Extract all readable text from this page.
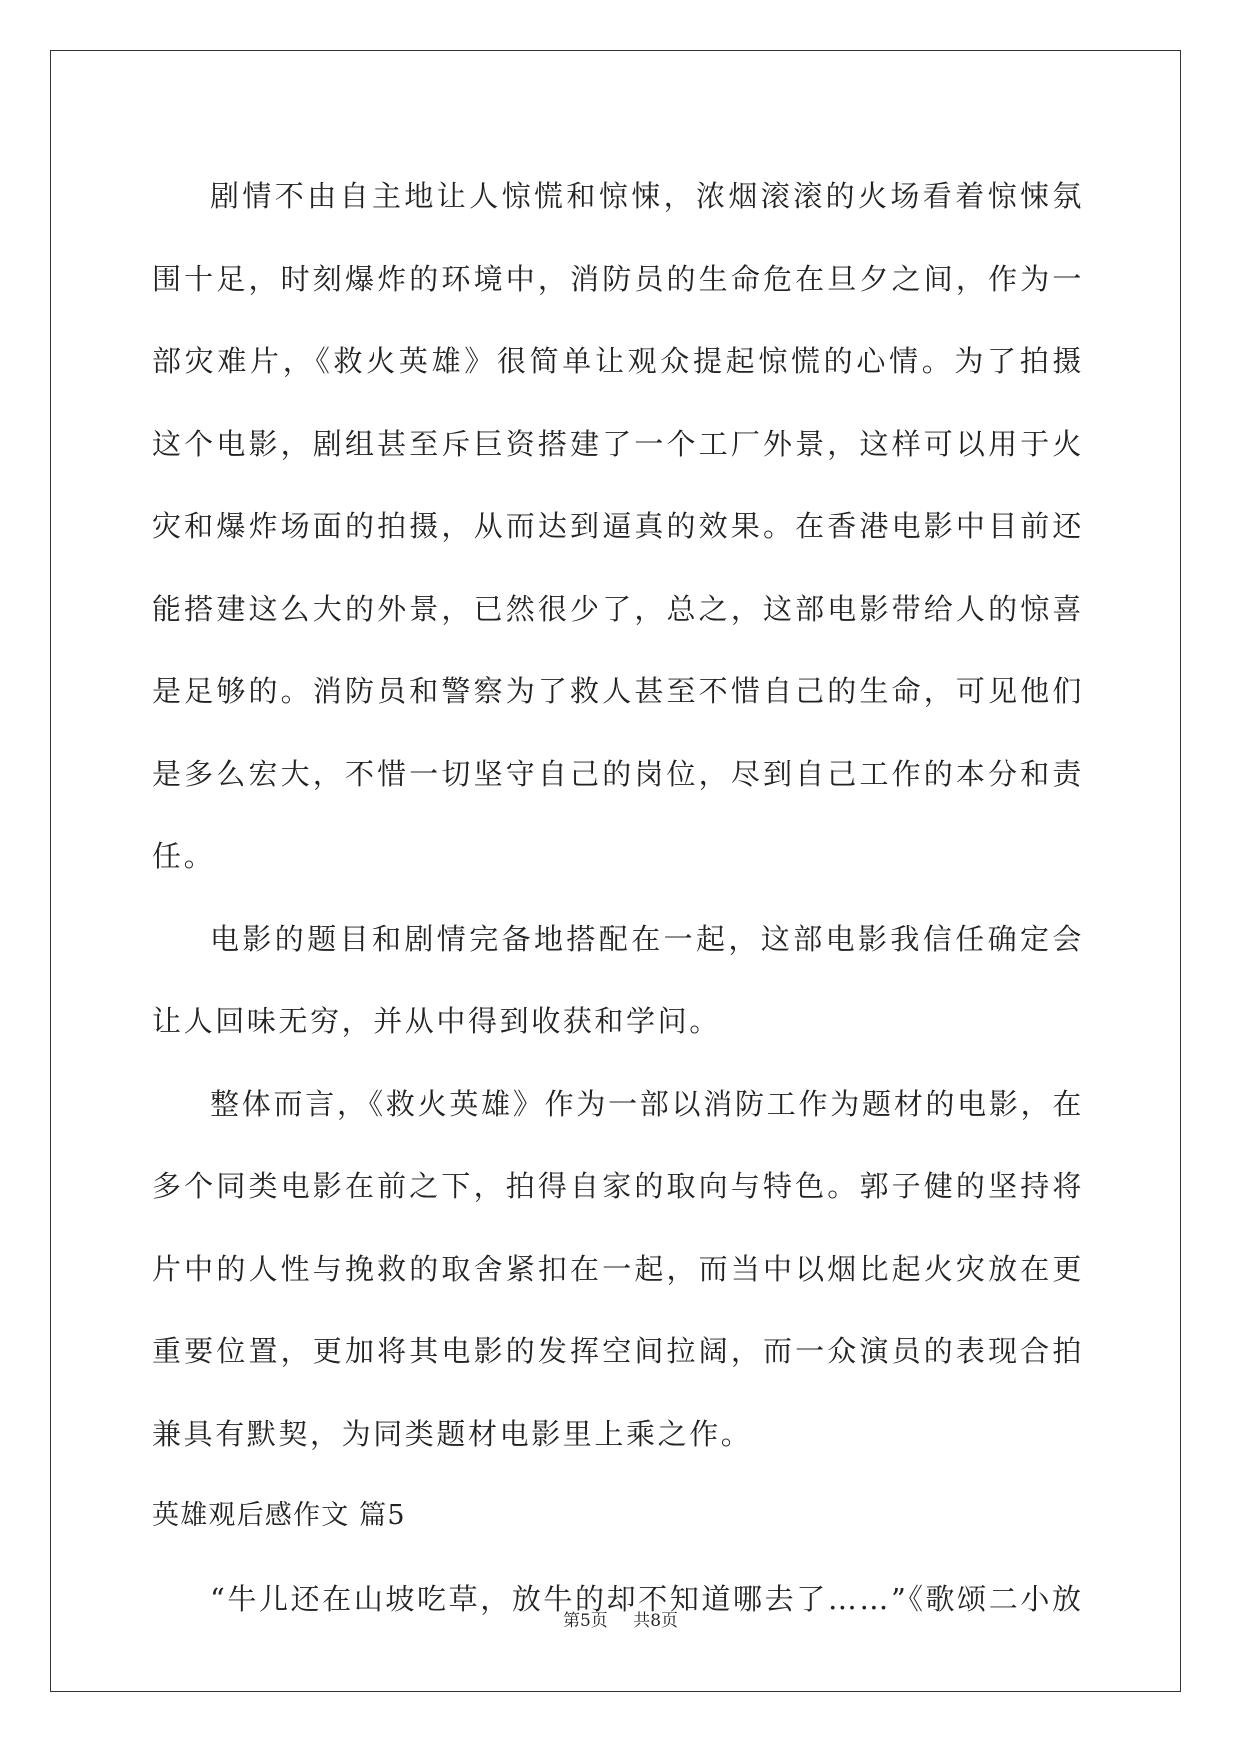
剧情不由自主地让人惊慌和惊悚，浓烟滚滚的火场看着惊悚氛围十足，时刻爆炸的环境中，消防员的生命危在旦夕之间，作为一部灾难片，《救火英雄》很简单让观众提起惊慌的心情。为了拍摄这个电影，剧组甚至斥巨资搭建了一个工厂外景，这样可以用于火灾和爆炸场面的拍摄，从而达到逼真的效果。在香港电影中目前还能搭建这么大的外景，已然很少了，总之，这部电影带给人的惊喜是足够的。消防员和警察为了救人甚至不惜自己的生命，可见他们是多么宏大，不惜一切坚守自己的岗位，尽到自己工作的本分和责任。

电影的题目和剧情完备地搭配在一起，这部电影我信任确定会让人回味无穷，并从中得到收获和学问。

整体而言，《救火英雄》作为一部以消防工作为题材的电影，在多个同类电影在前之下，拍得自家的取向与特色。郭子健的坚持将片中的人性与挽救的取舍紧扣在一起，而当中以烟比起火灾放在更重要位置，更加将其电影的发挥空间拉阔，而一众演员的表现合拍兼具有默契，为同类题材电影里上乘之作。

英雄观后感作文 篇5

“牛儿还在山坡吃草，放牛的却不知道哪去了……”《歌颂二小放

第5页 共8页
